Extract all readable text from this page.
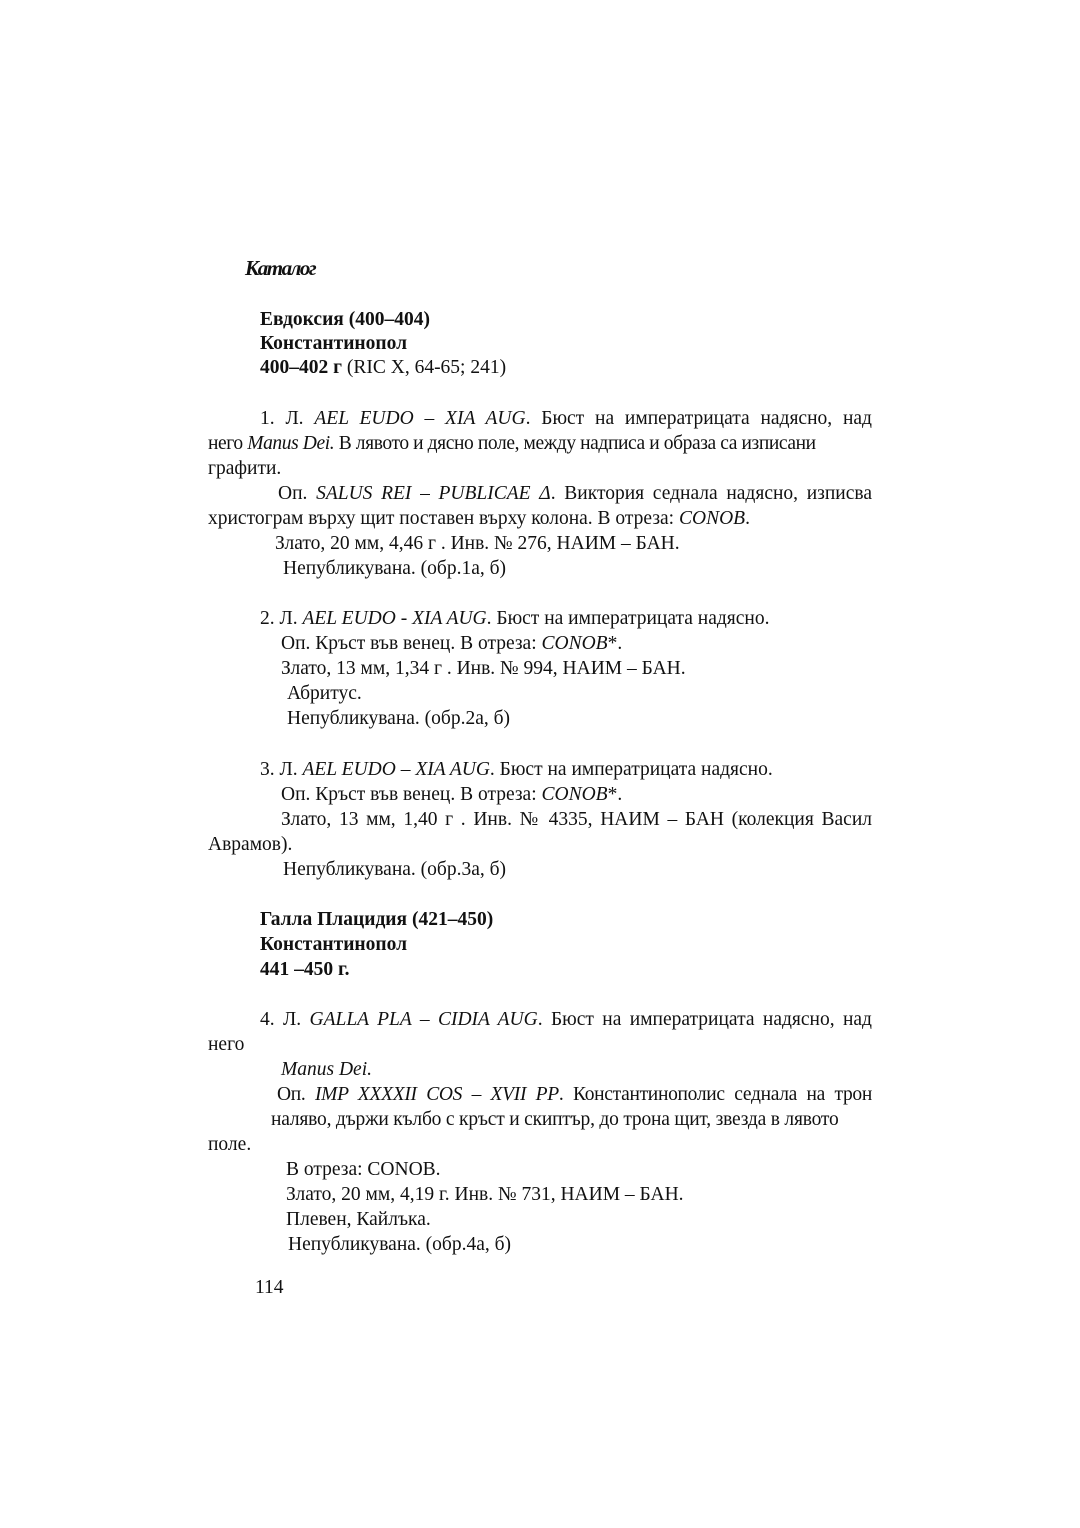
Каталог
Евдоксия (400–404)
Константинопол
400–402 г (RIC X, 64-65; 241)
1. Л. AEL EUDO – XIA AUG. Бюст на императрицата надясно, над
него Manus Dei. В лявото и дясно поле, между надписа и образа са изписани
графити.
Оп. SALUS REI – PUBLICAE Δ. Виктория седнала надясно, изписва
христограм върху щит поставен върху колона. В отреза: CONOB.
Злато, 20 мм, 4,46 г . Инв. № 276, НАИМ – БАН.
Непубликувана. (обр.1а, б)
2. Л. AEL EUDO - XIA AUG. Бюст на императрицата надясно.
Оп. Кръст във венец. В отреза: CONOB*.
Злато, 13 мм, 1,34 г . Инв. № 994, НАИМ – БАН.
Абритус.
Непубликувана. (обр.2а, б)
3. Л. AEL EUDO – XIA AUG. Бюст на императрицата надясно.
Оп. Кръст във венец. В отреза: CONOB*.
Злато, 13 мм, 1,40 г . Инв. № 4335, НАИМ – БАН (колекция Васил
Аврамов).
Непубликувана. (обр.3а, б)
Галла Плацидия (421–450)
Константинопол
441 –450 г.
4. Л. GALLA PLA – CIDIA AUG. Бюст на императрицата надясно, над
него
Manus Dei.
Оп. IMP XXXXII COS – XVII PP. Константинополис седнала на трон
наляво, държи кълбо с кръст и скиптър, до трона щит, звезда в лявото
поле.
В отреза: CONOB.
Злато, 20 мм, 4,19 г. Инв. № 731, НАИМ – БАН.
Плевен, Кайлъка.
Непубликувана. (обр.4а, б)
114
